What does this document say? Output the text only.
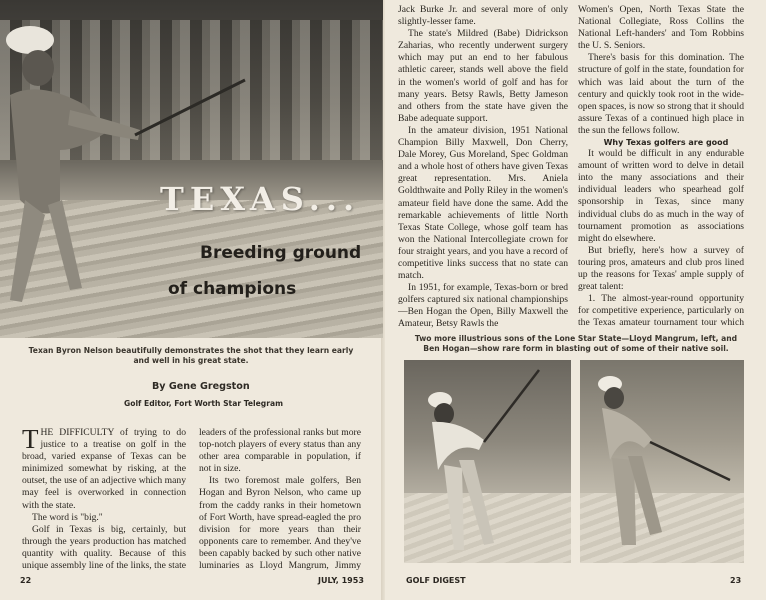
TEXAS...
Breeding ground
of champions
Texan Byron Nelson beautifully demonstrates the shot that they learn early and well in his great state.
By Gene Gregston
Golf Editor, Fort Worth Star Telegram

THE DIFFICULTY of trying to do justice to a treatise on golf in the broad, varied expanse of Texas can be minimized somewhat by risking, at the outset, the use of an adjective which many may feel is overworked in connection with the state.

The word is "big."

Golf in Texas is big, certainly, but through the years production has matched quantity with quality. Because of this unique assembly line of the links, the state

leaders of the professional ranks but more top-notch players of every status than any other area comparable in population, if not in size.

Its two foremost male golfers, Ben Hogan and Byron Nelson, who came up from the caddy ranks in their hometown of Fort Worth, have spread-eagled the pro division for more years than their opponents care to remember. And they've been capably backed by such other native luminaries as Lloyd Mangrum, Jimmy

22	JULY, 1953

Jack Burke Jr. and several more of only slightly-lesser fame.

The state's Mildred (Babe) Didrickson Zaharias, who recently underwent surgery which may put an end to her fabulous athletic career, stands well above the field in the women's world of golf and has for many years. Betsy Rawls, Betty Jameson and others from the state have given the Babe adequate support.

In the amateur division, 1951 National Champion Billy Maxwell, Don Cherry, Dale Morey, Gus Moreland, Spec Goldman and a whole host of others have given Texas great representation. Mrs. Aniela Goldthwaite and Polly Riley in the women's amateur field have done the same. Add the remarkable achievements of little North Texas State College, whose golf team has won the National Intercollegiate crown for four straight years, and you have a record of competitive links success that no state can match.

In 1951, for example, Texas-born or bred golfers captured six national championships—Ben Hogan the Open, Billy Maxwell the Amateur, Betsy Rawls the

Women's Open, North Texas State the National Collegiate, Ross Collins the National Left-handers' and Tom Robbins the U. S. Seniors.

There's basis for this domination. The structure of golf in the state, foundation for which was laid about the turn of the century and quickly took root in the wide-open spaces, is now so strong that it should assure Texas of a continued high place in the sun the fellows follow.

Why Texas golfers are good

It would be difficult in any endurable amount of written word to delve in detail into the many associations and their individual leaders who spearhead golf sponsorship in Texas, since many individual clubs do as much in the way of tournament promotion as associations might do elsewhere.

But briefly, here's how a survey of touring pros, amateurs and club pros lined up the reasons for Texas' ample supply of great talent:

1. The almost-year-round opportunity for competitive experience, particularly on the Texas amateur tournament tour which

Two more illustrious sons of the Lone Star State—Lloyd Mangrum, left, and Ben Hogan—show rare form in blasting out of some of their native soil.
GOLF DIGEST	23
